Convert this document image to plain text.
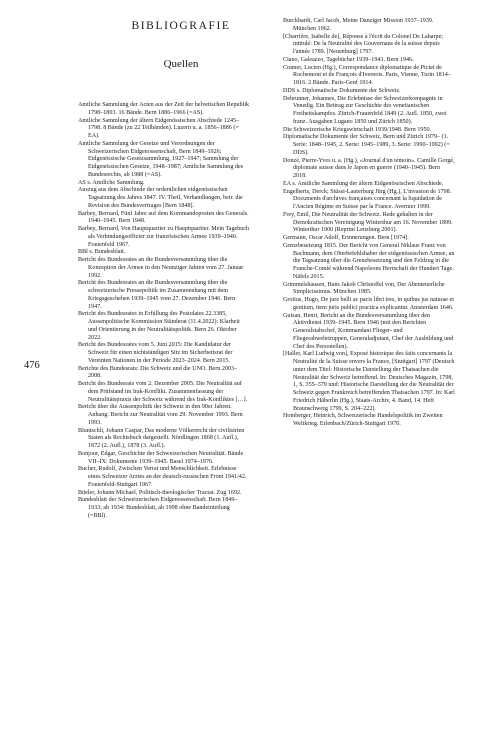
BIBLIOGRAFIE
Quellen
476

Amtliche Sammlung der Acten aus der Zeit der helvetischen Republik 1798–1803. 16 Bände. Bern 1886–1966 (=AS).

Amtliche Sammlung der ältern Eidgenössischen Abschiede 1245–1798. 8 Bände (zu 22 Teilbänden). Luzern u. a. 1856–1886 (= EA).

Amtliche Sammlung der Gesetze und Verordnungen der Schweizerischen Eidgenossenschaft, Bern 1849–1926; Eidgenössische Gesetzsammlung, 1927–1947; Sammlung der Eidgenössischen Gesetze, 1948–1987; Amtliche Sammlung des Bundesrechts, ab 1988 (=AS).

AS s. Amtliche Sammlung.

Auszug aus dem Abschiede der ordentlichen eidgenössischen Tagsatzung des Jahres 1847. IV. Theil, Verhandlungen, betr. die Revision des Bundesvertrages [Bern 1848].

Barbey, Bernard, Fünf Jahre auf dem Kommandoposten des Generals. 1940–1945. Bern 1948.

Barbey, Bernard, Von Hauptquartier zu Hauptquartier. Mein Tagebuch als Verbindungsoffizier zur französischen Armee 1939–1940. Frauenfeld 1967.

BBl s. Bundesblatt.

Bericht des Bundesrates an die Bundesversammlung über die Konzeption der Armee in den Neunziger Jahren vom 27. Januar 1992.

Bericht des Bundesrates an die Bundesversammlung über die schweizerische Pressepolitik im Zusammenhang mit dem Kriegsgeschehen 1939–1945 vom 27. Dezember 1946. Bern 1947.

Bericht des Bundesrates in Erfüllung des Postulates 22.3385, Aussenpolitische Kommission Ständerat (11.4.2022): Klarheit und Orientierung in der Neutralitätspolitik. Bern 26. Oktober 2022.

Bericht des Bundesrates vom 5. Juni 2015: Die Kandidatur der Schweiz für einen nichtständigen Sitz im Sicherheitsrat der Vereinten Nationen in der Periode 2023–2024. Bern 2015.

Berichte des Bundesrats: Die Schweiz und die UNO. Bern 2003–2008.

Bericht des Bundesrats vom 2. Dezember 2005: Die Neutralität auf dem Prüfstand im Irak-Konflikt. Zusammenfassung der Neutralitätspraxis der Schweiz während des Irak-Konfliktes […].

Bericht über die Aussenpolitik der Schweiz in den 90er Jahren. Anhang: Bericht zur Neutralität vom 29. November 1993. Bern 1993.

Bluntschli, Johann Caspar, Das moderne Völkerrecht der civilisirten Staten als Rechtsbuch dargestellt. Nördlingen 1868 (1. Aufl.), 1872 (2. Aufl.), 1878 (3. Aufl.).

Bonjour, Edgar, Geschichte der Schweizerischen Neutralität. Bände VII–IX: Dokumente 1939–1945. Basel 1974–1976.

Bucher, Rudolf, Zwischen Verrat und Menschlichkeit. Erlebnisse eines Schweizer Arztes an der deutsch-russischen Front 1941/42. Frauenfeld-Stuttgart 1967.

Büeler, Johann Michael, Politisch-theologischer Tractat. Zug 1692.

Bundesblatt der Schweizerischen Eidgenossenschaft. Bern 1849–1933; ab 1934: Bundesblatt, ab 1998 ohne Bandeinteilung (=BBl).

Burckhardt, Carl Jacob, Meine Danziger Mission 1937–1939. München 1962.

[Charrière, Isabelle de], Réponse à l'écrit du Colonel De Laharpe; intitulé: De la Neutralité des Gouvernans de la suisse depuis l'année 1789. [Neuenburg] 1797.

Ciano, Galeazzo, Tagebücher 1939–1943. Bern 1946.

Cramer, Lucien (Hg.), Correspondance diplomatique de Pictet de Rochemont et de François d'Ivernois. Paris, Vienne, Turin 1814–1816. 2 Bände. Paris-Genf 1914.

DDS s. Diplomatische Dokumente der Schweiz.

Debrunner, Johannes, Die Erlebnisse der Schweizerkompagnie in Venedig. Ein Beitrag zur Geschichte des venetianischen Freiheitskampfes. Zürich-Frauenfeld 1849 (2. Aufl. 1850, zwei franz. Ausgaben Lugano 1850 und Zürich 1850).

Die Schweizerische Kriegswirtschaft 1939/1948. Bern 1950.

Diplomatische Dokumente der Schweiz, Bern und Zürich 1979– (1. Serie: 1848–1945, 2. Serie: 1945–1989, 3. Serie: 1990–1992) (= DDS).

Donzé, Pierre-Yves u. a. (Hg.), «Journal d'un témoin». Camille Gorgé, diplomate suisse dans le Japon en guerre (1940–1945). Bern 2018.

EA s. Amtliche Sammlung der ältern Eidgenössischen Abschiede.

Engelberts, Derck; Stüssi-Lauterburg Jürg (Hg.), L'invasion de 1798. Documents d'archives françaises concernant la liquidation de l'Ancien Régime en Suisse par la France. Avernier 1999.

Frey, Emil, Die Neutralität der Schweiz. Rede gehalten in der Demokratischen Vereinigung Winterthur am 16. November 1899. Winterthur 1900 (Reprint Lenzburg 2001).

Germann, Oscar Adolf, Erinnerungen. Bern [1974].

Grenzbesetzung 1815. Der Bericht von General Niklaus Franz von Bachmann, dem Oberbefehlshaber der eidgenössischen Armee, an die Tagsatzung über die Grenzbesetzung und den Feldzug in die Franche-Comté während Napoleons Herrschaft der Hundert Tage. Näfels 2015.

Grimmelshausen, Hans Jakob Christoffel von, Der Abenteuerliche Simplicissimus. München 1985.

Grotius, Hugo, De jure belli ac pacis libri tres, in quibus jus naturae et gentium, item juris publici practica explicantur. Amsterdam 1646.

Guisan, Henri, Bericht an die Bundesversammlung über den Aktivdienst 1939–1945. Bern 1946 (mit den Berichten Generalstabschef, Kommandant Flieger- und Fliegerabwehrtruppen, Generaladjutant, Chef der Ausbildung und Chef des Personellen).

[Haller, Karl Ludwig von], Exposé historique des faits concernants la Neutralité de la Suisse envers la France, [Stuttgart] 1797 (Deutsch unter dem Titel: Historische Darstellung der Thatsachen die Neutralität der Schweiz betreffend. In: Deutsches Magazin, 1798, 1, S. 355–379 und: Historische Darstellung der die Neutralität der Schweiz gegen Frankreich betreffenden Thatsachen 1797. In: Karl Friedrich Häberlin (Hg.), Staats-Archiv, 4. Band, 14. Heft Braunschweig 1799, S. 204–222).

Homberger, Heinrich, Schweizerische Handelspolitik im Zweiten Weltkrieg. Erlenbach/Zürich-Stuttgart 1970.
